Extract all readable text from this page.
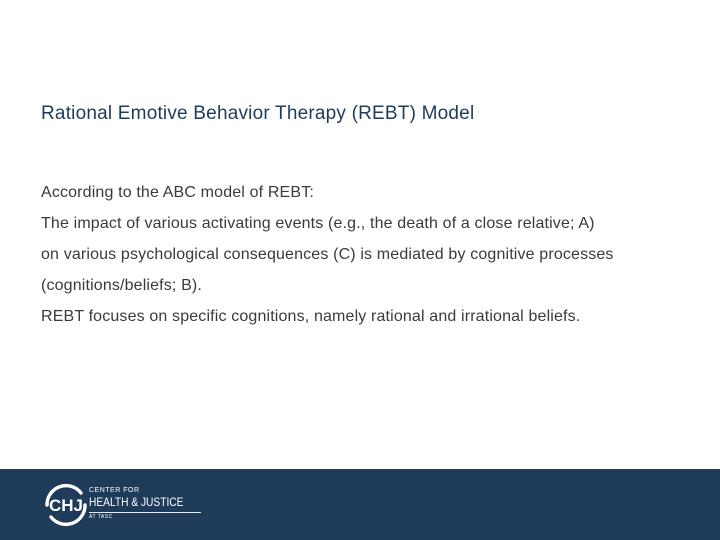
Rational Emotive Behavior Therapy (REBT) Model

According to the ABC model of REBT:

The impact of various activating events (e.g., the death of a close relative; A)

on various psychological consequences (C) is mediated by cognitive processes

(cognitions/beliefs; B).

REBT focuses on specific cognitions, namely rational and irrational beliefs.

CHJ
CENTER FOR
HEALTH & JUSTICE
AT TASC
